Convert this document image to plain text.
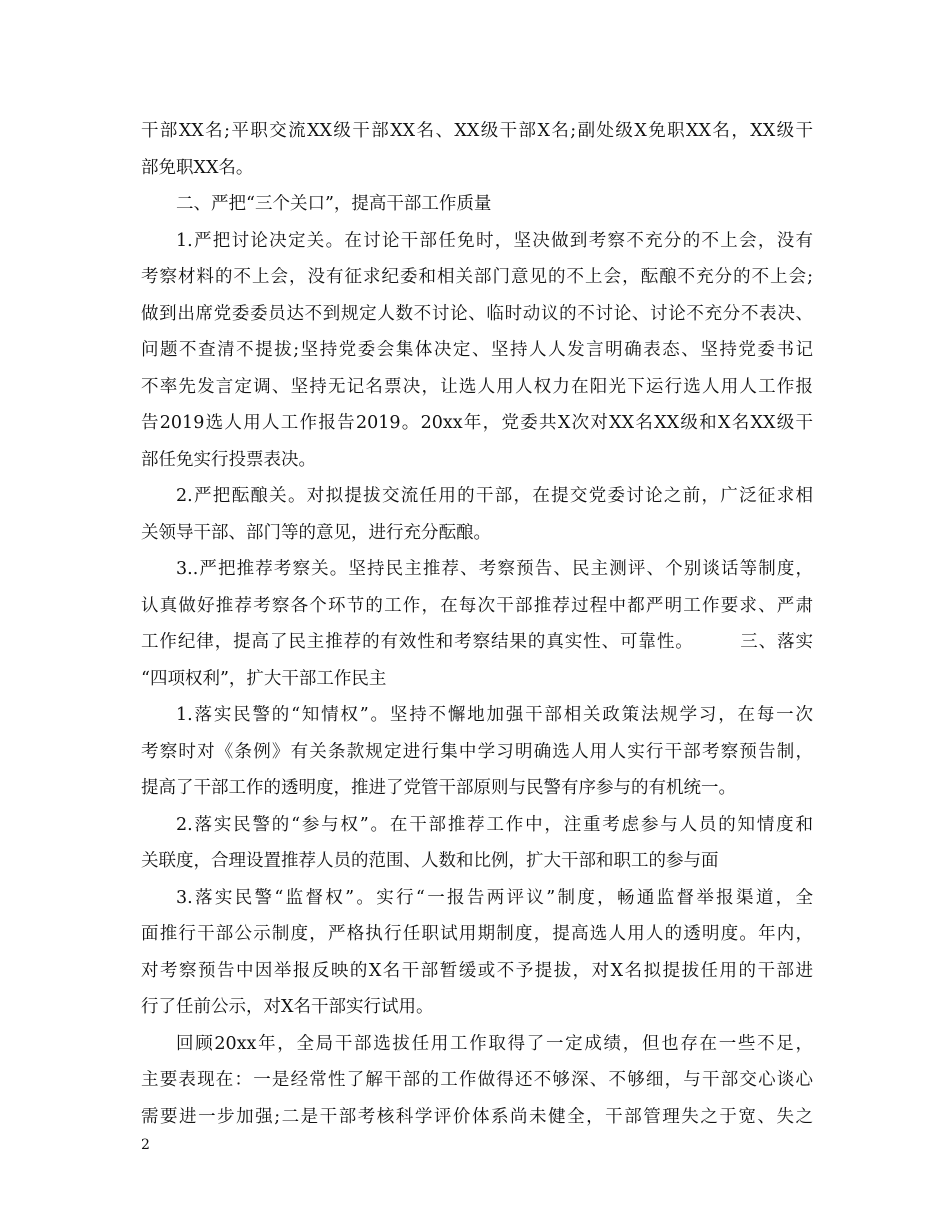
干部XX名;平职交流XX级干部XX名、XX级干部X名;副处级X免职XX名，XX级干
部免职XX名。
二、严把“三个关口”，提高干部工作质量
1.严把讨论决定关。在讨论干部任免时，坚决做到考察不充分的不上会，没有
考察材料的不上会，没有征求纪委和相关部门意见的不上会，酝酿不充分的不上会;
做到出席党委委员达不到规定人数不讨论、临时动议的不讨论、讨论不充分不表决、
问题不查清不提拔;坚持党委会集体决定、坚持人人发言明确表态、坚持党委书记
不率先发言定调、坚持无记名票决，让选人用人权力在阳光下运行选人用人工作报
告2019选人用人工作报告2019。20xx年，党委共X次对XX名XX级和X名XX级干
部任免实行投票表决。
2.严把酝酿关。对拟提拔交流任用的干部，在提交党委讨论之前，广泛征求相
关领导干部、部门等的意见，进行充分酝酿。
3..严把推荐考察关。坚持民主推荐、考察预告、民主测评、个别谈话等制度，
认真做好推荐考察各个环节的工作，在每次干部推荐过程中都严明工作要求、严肃
工作纪律，提高了民主推荐的有效性和考察结果的真实性、可靠性。　　　三、落实
“四项权利”，扩大干部工作民主
1.落实民警的“知情权”。坚持不懈地加强干部相关政策法规学习，在每一次
考察时对《条例》有关条款规定进行集中学习明确选人用人实行干部考察预告制，
提高了干部工作的透明度，推进了党管干部原则与民警有序参与的有机统一。
2.落实民警的“参与权”。在干部推荐工作中，注重考虑参与人员的知情度和
关联度，合理设置推荐人员的范围、人数和比例，扩大干部和职工的参与面
3.落实民警“监督权”。实行“一报告两评议”制度，畅通监督举报渠道，全
面推行干部公示制度，严格执行任职试用期制度，提高选人用人的透明度。年内，
对考察预告中因举报反映的X名干部暂缓或不予提拔，对X名拟提拔任用的干部进
行了任前公示，对X名干部实行试用。
回顾20xx年，全局干部选拔任用工作取得了一定成绩，但也存在一些不足，
主要表现在：一是经常性了解干部的工作做得还不够深、不够细，与干部交心谈心
需要进一步加强;二是干部考核科学评价体系尚未健全，干部管理失之于宽、失之
2
